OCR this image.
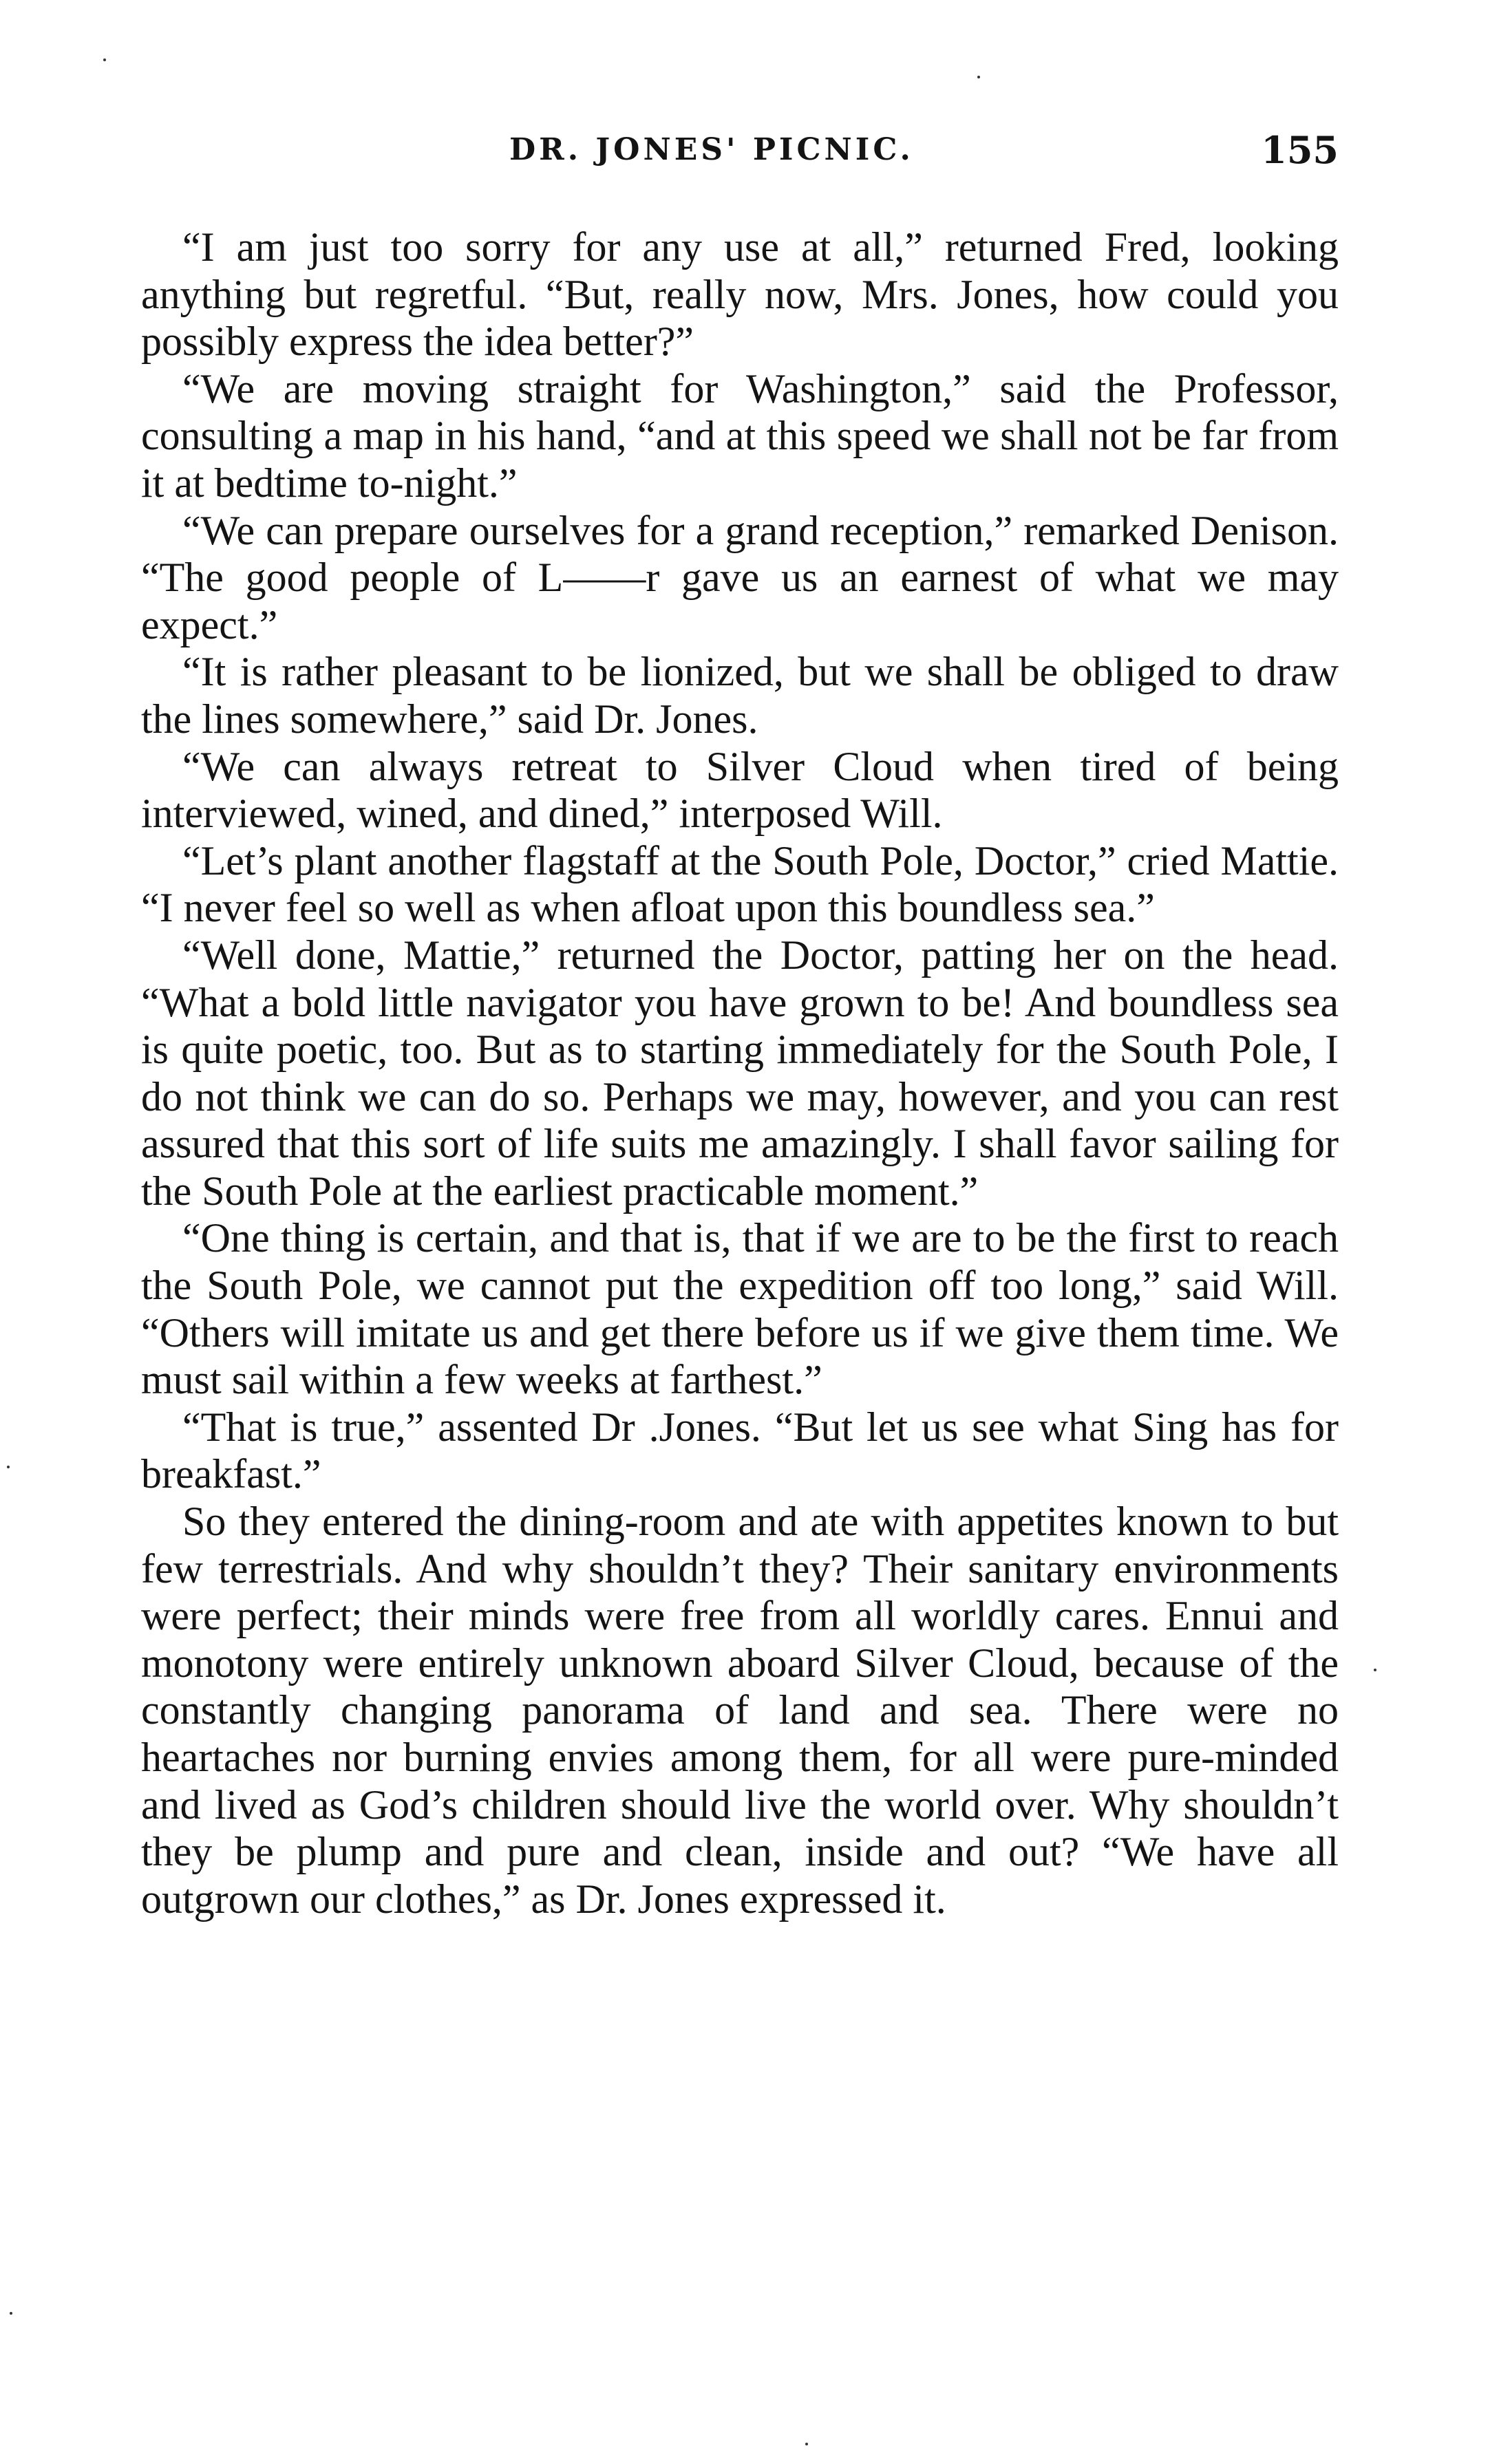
DR. JONES' PICNIC.	155

“I am just too sorry for any use at all,” returned Fred, looking anything but regretful. “But, really now, Mrs. Jones, how could you possibly express the idea better?”

“We are moving straight for Washington,” said the Professor, consulting a map in his hand, “and at this speed we shall not be far from it at bedtime to-night.”

“We can prepare ourselves for a grand reception,” remarked Denison. “The good people of L——r gave us an earnest of what we may expect.”

“It is rather pleasant to be lionized, but we shall be obliged to draw the lines somewhere,” said Dr. Jones.

“We can always retreat to Silver Cloud when tired of being interviewed, wined, and dined,” interposed Will.

“Let’s plant another flagstaff at the South Pole, Doctor,” cried Mattie. “I never feel so well as when afloat upon this boundless sea.”

“Well done, Mattie,” returned the Doctor, patting her on the head. “What a bold little navigator you have grown to be! And boundless sea is quite poetic, too. But as to starting immediately for the South Pole, I do not think we can do so. Perhaps we may, however, and you can rest assured that this sort of life suits me amazingly. I shall favor sailing for the South Pole at the earliest practicable moment.”

“One thing is certain, and that is, that if we are to be the first to reach the South Pole, we cannot put the expedition off too long,” said Will. “Others will imitate us and get there before us if we give them time. We must sail within a few weeks at farthest.”

“That is true,” assented Dr .Jones. “But let us see what Sing has for breakfast.”

So they entered the dining-room and ate with appetites known to but few terrestrials. And why shouldn’t they? Their sanitary environments were perfect; their minds were free from all worldly cares. Ennui and monotony were entirely unknown aboard Silver Cloud, because of the constantly changing panorama of land and sea. There were no heartaches nor burning envies among them, for all were pure-minded and lived as God’s children should live the world over. Why shouldn’t they be plump and pure and clean, inside and out? “We have all outgrown our clothes,” as Dr. Jones expressed it.
